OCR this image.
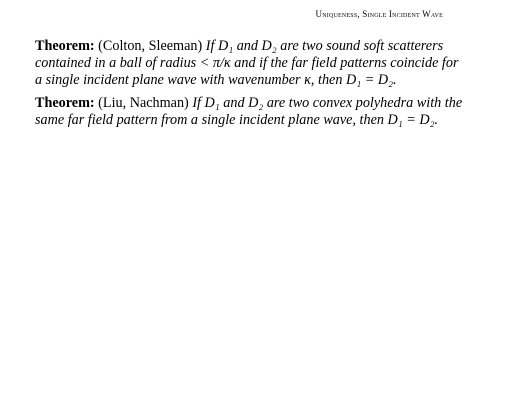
Uniqueness, Single Incident Wave
Theorem: (Colton, Sleeman) If D₁ and D₂ are two sound soft scatterers contained in a ball of radius < π/κ and if the far field patterns coincide for a single incident plane wave with wavenumber κ, then D₁ = D₂.
Theorem: (Liu, Nachman) If D₁ and D₂ are two convex polyhedra with the same far field pattern from a single incident plane wave, then D₁ = D₂.
